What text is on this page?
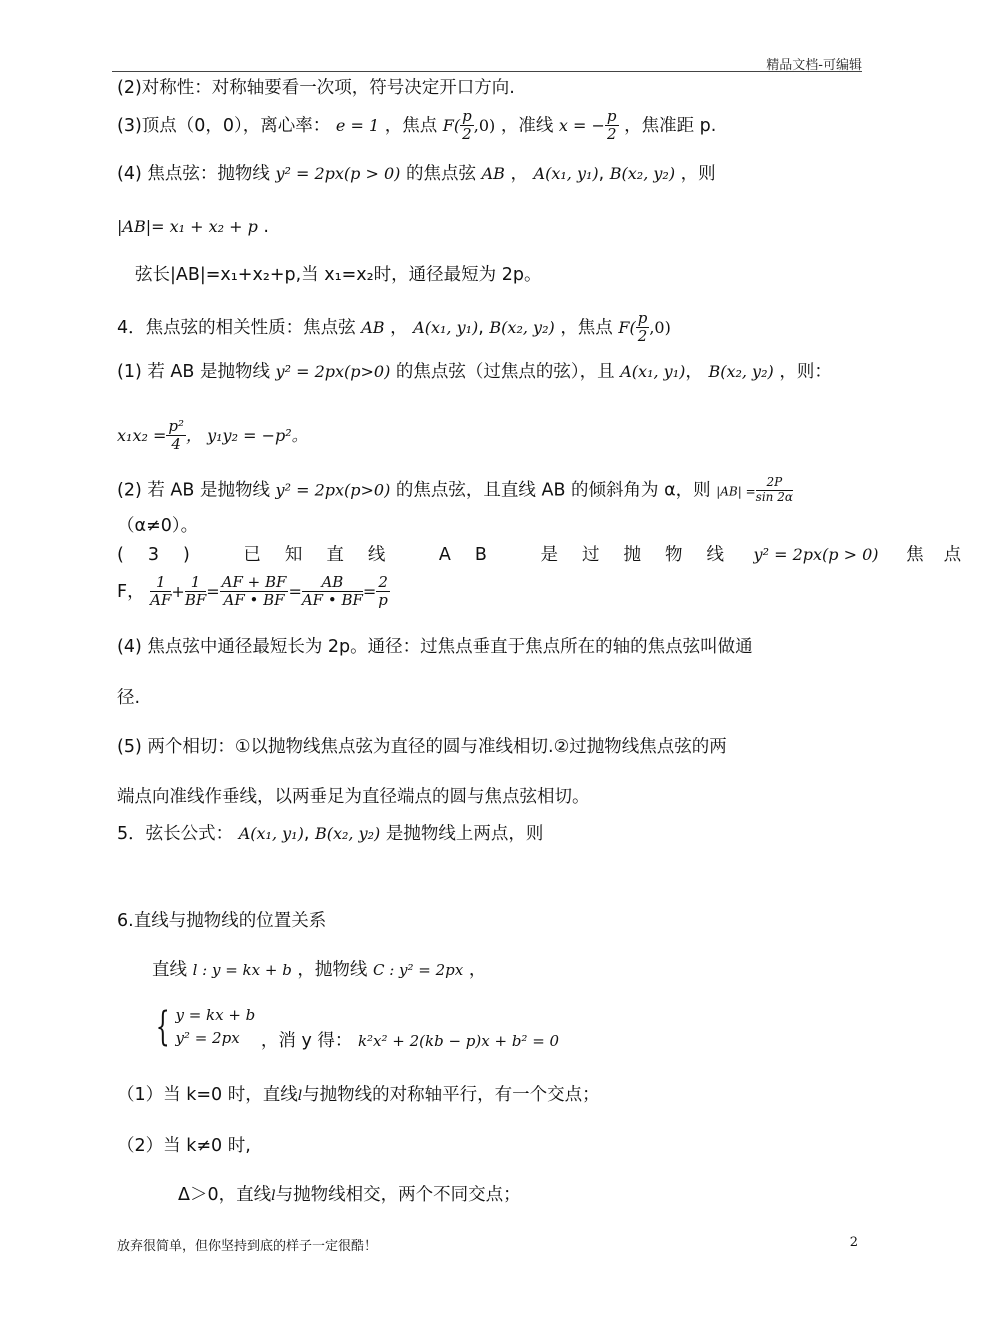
精品文档-可编辑
(2)对称性：对称轴要看一次项，符号决定开口方向.
(3)顶点（0，0），离心率： e = 1 ，焦点 $F( \frac{p}{2} ,0)$ ，准线 x = − $\frac{p}{2}$ ，焦准距 p.
(4) 焦点弦：抛物线 y² = 2px(p > 0) 的焦点弦 AB ， A(x₁, y₁), B(x₂, y₂) ，则
|AB|= x₁ + x₂ + p .
弦长|AB|=x₁+x₂+p,当 x₁=x₂时，通径最短为 2p。
4．焦点弦的相关性质：焦点弦 AB ， A(x₁, y₁), B(x₂, y₂) ，焦点 $F( \frac{p}{2} ,0)$
(1) 若 AB 是抛物线 y² = 2px(p>0) 的焦点弦（过焦点的弦），且 A(x₁, y₁)， B(x₂, y₂) ，则：
$x_1x_2 = \frac{\text{p²}}{4}$ ， y₁y₂ = −p²。
(2) 若 AB 是抛物线 y² = 2px(p>0) 的焦点弦，且直线 AB 的倾斜角为 α，则 $|AB| = \frac{2P}{\sin 2\alpha}$
（α≠0）。
(3) 已知直线 AB 是过抛物线 y² = 2px(p > 0) 焦点
F， $\frac{1}{AF} + \frac{1}{BF} = \frac{AF + BF}{AF • BF} = \frac{AB}{AF • BF} = \frac{2}{p}$
(4) 焦点弦中通径最短长为 2p。通径：过焦点垂直于焦点所在的轴的焦点弦叫做通
径.
(5) 两个相切：①以抛物线焦点弦为直径的圆与准线相切.②过抛物线焦点弦的两
端点向准线作垂线，以两垂足为直径端点的圆与焦点弦相切。
5．弦长公式： A(x₁, y₁), B(x₂, y₂) 是抛物线上两点，则
6.直线与抛物线的位置关系
直线 l : y = kx + b ，抛物线 C : y² = 2px ，
{ y = kx + b
y² = 2px	，消 y 得： k²x² + 2(kb − p)x + b² = 0
（1）当 k=0 时，直线l与抛物线的对称轴平行，有一个交点；
（2）当 k≠0 时,
Δ＞0，直线l与抛物线相交，两个不同交点；
放弃很简单，但你坚持到底的样子一定很酷！	2
